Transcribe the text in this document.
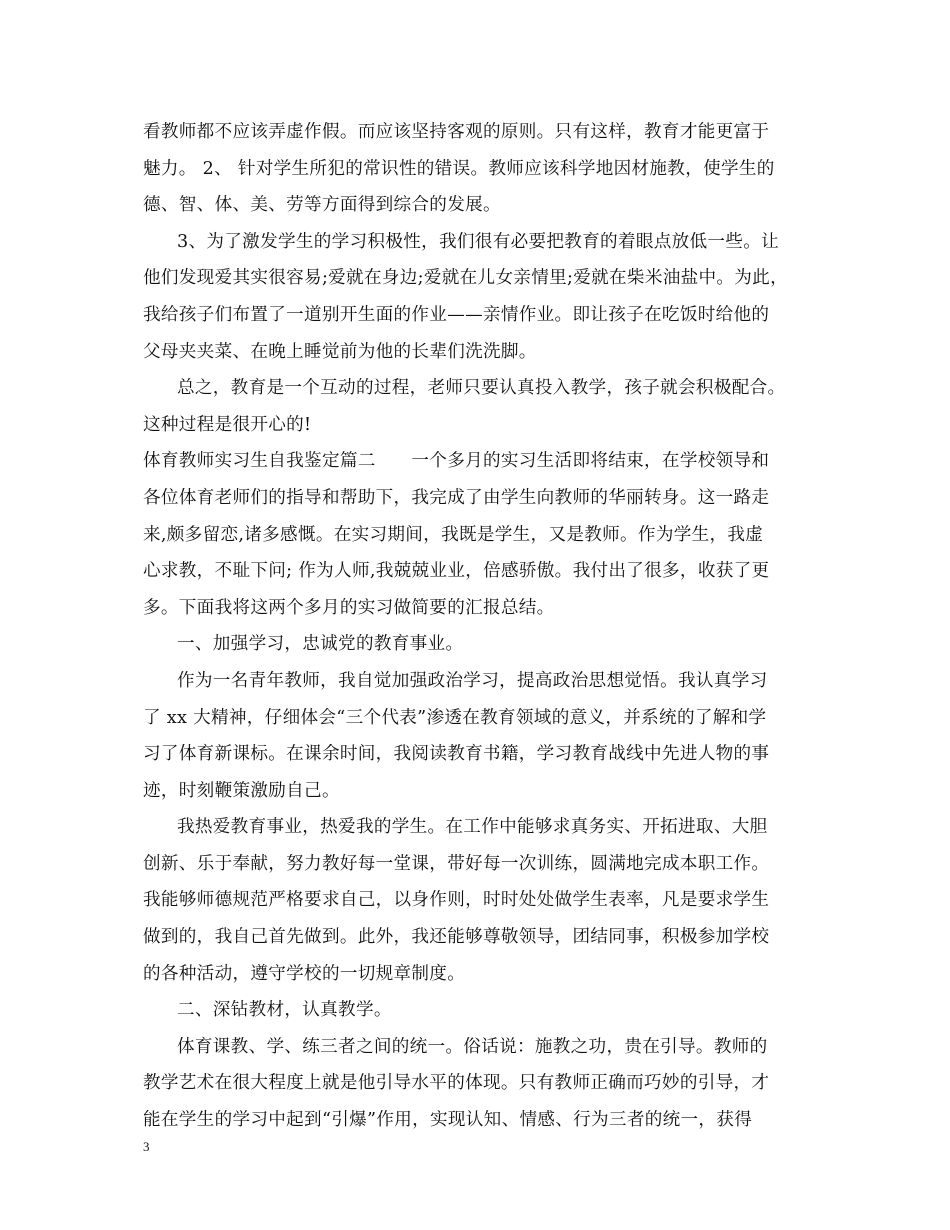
看教师都不应该弄虚作假。而应该坚持客观的原则。只有这样，教育才能更富于
魅力。 2、 针对学生所犯的常识性的错误。教师应该科学地因材施教，使学生的
德、智、体、美、劳等方面得到综合的发展。
3、为了激发学生的学习积极性，我们很有必要把教育的着眼点放低一些。让
他们发现爱其实很容易;爱就在身边;爱就在儿女亲情里;爱就在柴米油盐中。为此，
我给孩子们布置了一道别开生面的作业——亲情作业。即让孩子在吃饭时给他的
父母夹夹菜、在晚上睡觉前为他的长辈们洗洗脚。
总之，教育是一个互动的过程，老师只要认真投入教学，孩子就会积极配合。
这种过程是很开心的!
体育教师实习生自我鉴定篇二　　一个多月的实习生活即将结束，在学校领导和
各位体育老师们的指导和帮助下，我完成了由学生向教师的华丽转身。这一路走
来,颇多留恋,诸多感慨。在实习期间，我既是学生，又是教师。作为学生，我虚
心求教，不耻下问; 作为人师,我兢兢业业，倍感骄傲。我付出了很多，收获了更
多。下面我将这两个多月的实习做简要的汇报总结。
一、加强学习，忠诚党的教育事业。
作为一名青年教师，我自觉加强政治学习，提高政治思想觉悟。我认真学习
了 xx 大精神，仔细体会“三个代表”渗透在教育领域的意义，并系统的了解和学
习了体育新课标。在课余时间，我阅读教育书籍，学习教育战线中先进人物的事
迹，时刻鞭策激励自己。
我热爱教育事业，热爱我的学生。在工作中能够求真务实、开拓进取、大胆
创新、乐于奉献，努力教好每一堂课，带好每一次训练，圆满地完成本职工作。
我能够师德规范严格要求自己，以身作则，时时处处做学生表率，凡是要求学生
做到的，我自己首先做到。此外，我还能够尊敬领导，团结同事，积极参加学校
的各种活动，遵守学校的一切规章制度。
二、深钻教材，认真教学。
体育课教、学、练三者之间的统一。俗话说：施教之功，贵在引导。教师的
教学艺术在很大程度上就是他引导水平的体现。只有教师正确而巧妙的引导，才
能在学生的学习中起到“引爆”作用，实现认知、情感、行为三者的统一，获得
3
